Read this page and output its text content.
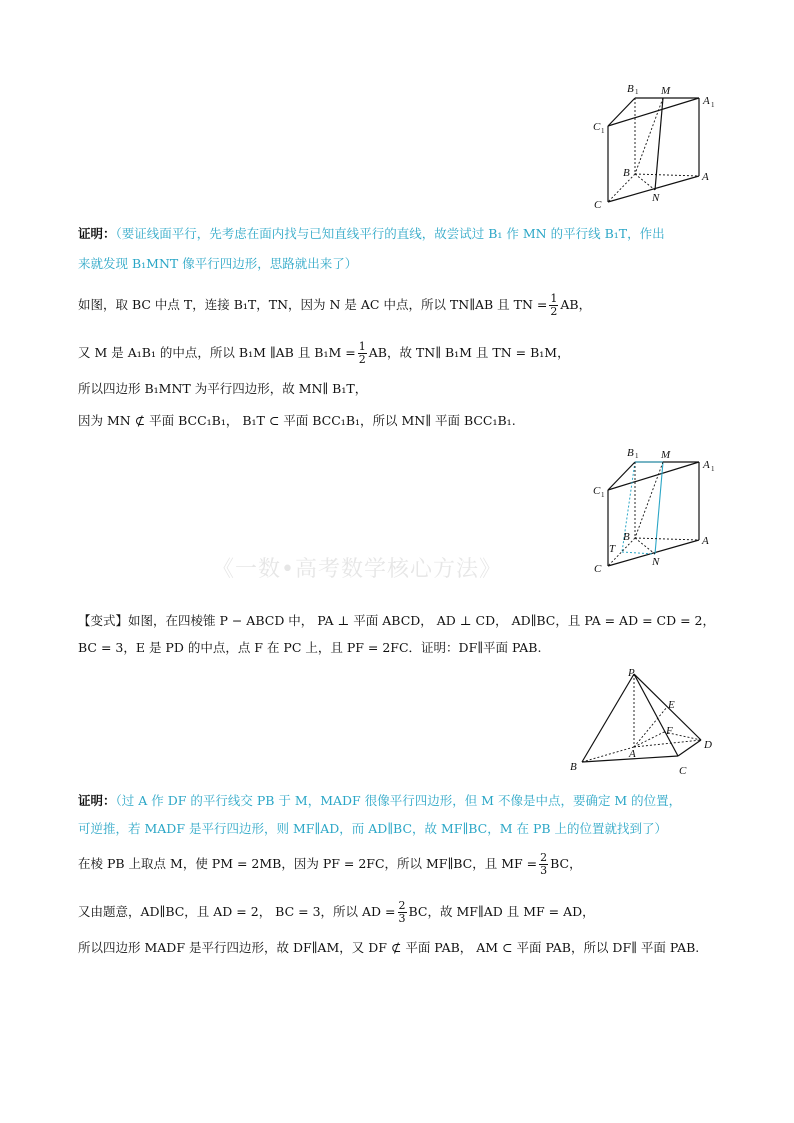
B 1 M
A 1
C 1
B	A
C
N
证明：（要证线面平行，先考虑在面内找与已知直线平行的直线，故尝试过 B₁ 作 MN 的平行线 B₁T，作出
来就发现 B₁MNT 像平行四边形，思路就出来了）
如图，取 BC 中点 T，连接 B₁T，TN，因为 N 是 AC 中点，所以 TN∥AB 且 TN = $\frac{1}{2}$ AB，
又 M 是 A₁B₁ 的中点，所以 B₁M ∥AB 且 $B_1M = \frac{1}{2}$ AB，故 TN∥ B₁M 且 TN = B₁M，
所以四边形 B₁MNT 为平行四边形，故 MN∥ B₁T，
因为 MN ⊄ 平面 BCC₁B₁， B₁T ⊂ 平面 BCC₁B₁，所以 MN∥ 平面 BCC₁B₁.
B 1 M
A 1
C 1
B	A
T
C
N
《一数•高考数学核心方法》
【变式】如图，在四棱锥 P − ABCD 中， PA ⊥ 平面 ABCD， AD ⊥ CD， AD∥BC，且 PA = AD = CD = 2，
BC = 3，E 是 PD 的中点，点 F 在 PC 上，且 PF = 2FC．证明：DF∥平面 PAB.
P
E
F
A
D
B	C
证明：（过 A 作 DF 的平行线交 PB 于 M，MADF 很像平行四边形，但 M 不像是中点，要确定 M 的位置，
可逆推，若 MADF 是平行四边形，则 MF∥AD，而 AD∥BC，故 MF∥BC，M 在 PB 上的位置就找到了）
在棱 PB 上取点 M，使 PM = 2MB，因为 PF = 2FC，所以 MF∥BC，且 MF = $\frac{2}{3}$ BC，
又由题意，AD∥BC，且 AD = 2， BC = 3，所以 AD = $\frac{2}{3}$ BC，故 MF∥AD 且 MF = AD，
所以四边形 MADF 是平行四边形，故 DF∥AM，又 DF ⊄ 平面 PAB， AM ⊂ 平面 PAB，所以 DF∥ 平面 PAB.
